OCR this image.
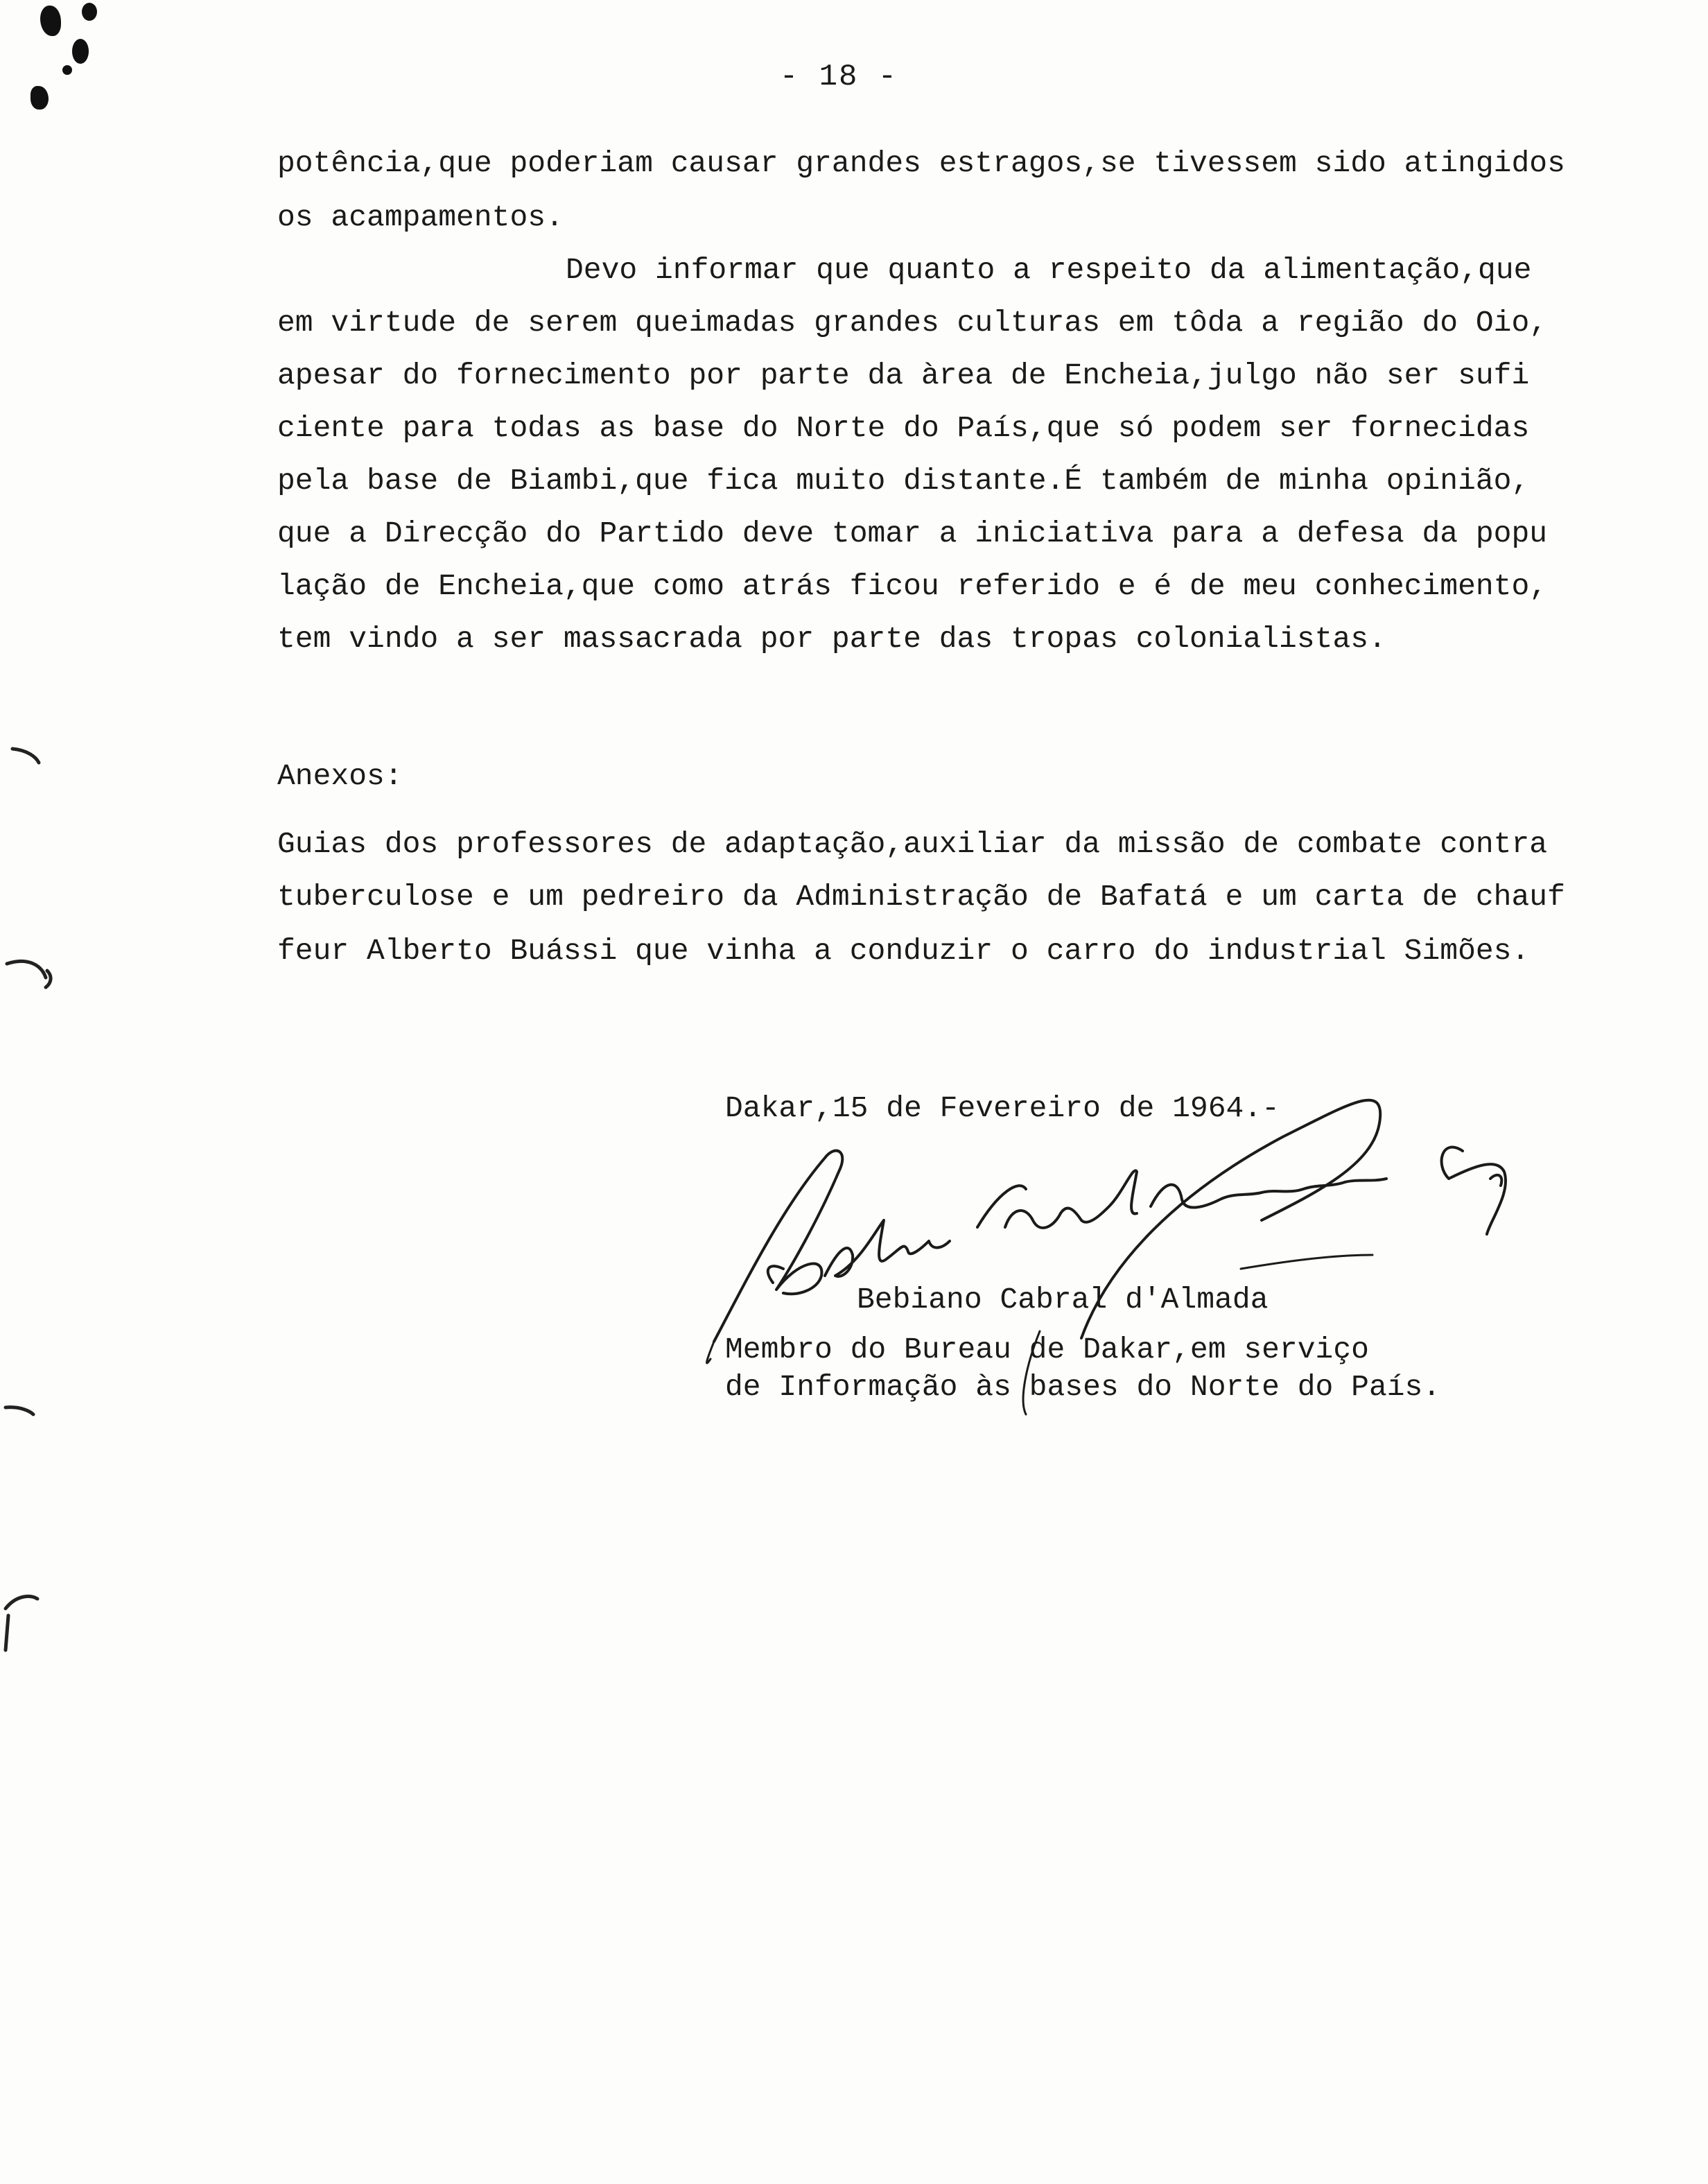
- 18 -
potência,que poderiam causar grandes estragos,se tivessem sido atingidos
os acampamentos.
Devo informar que quanto a respeito da alimentação,que
em virtude de serem queimadas grandes culturas em tôda a região do Oio,
apesar do fornecimento por parte da àrea de Encheia,julgo não ser sufi
ciente para todas as base do Norte do País,que só podem ser fornecidas
pela base de Biambi,que fica muito distante.É também de minha opinião,
que a Direcção do Partido deve tomar a iniciativa para a defesa da popu
lação de Encheia,que como atrás ficou referido e é de meu conhecimento,
tem vindo a ser massacrada por parte das tropas colonialistas.
Anexos:
Guias dos professores de adaptação,auxiliar da missão de combate contra
tuberculose e um pedreiro da Administração de Bafatá e um carta de chauf
feur Alberto Buássi que vinha a conduzir o carro do industrial Simões.
Dakar,15 de Fevereiro de 1964.-
Bebiano Cabral d'Almada
Membro do Bureau de Dakar,em serviço
de Informação às bases do Norte do País.
